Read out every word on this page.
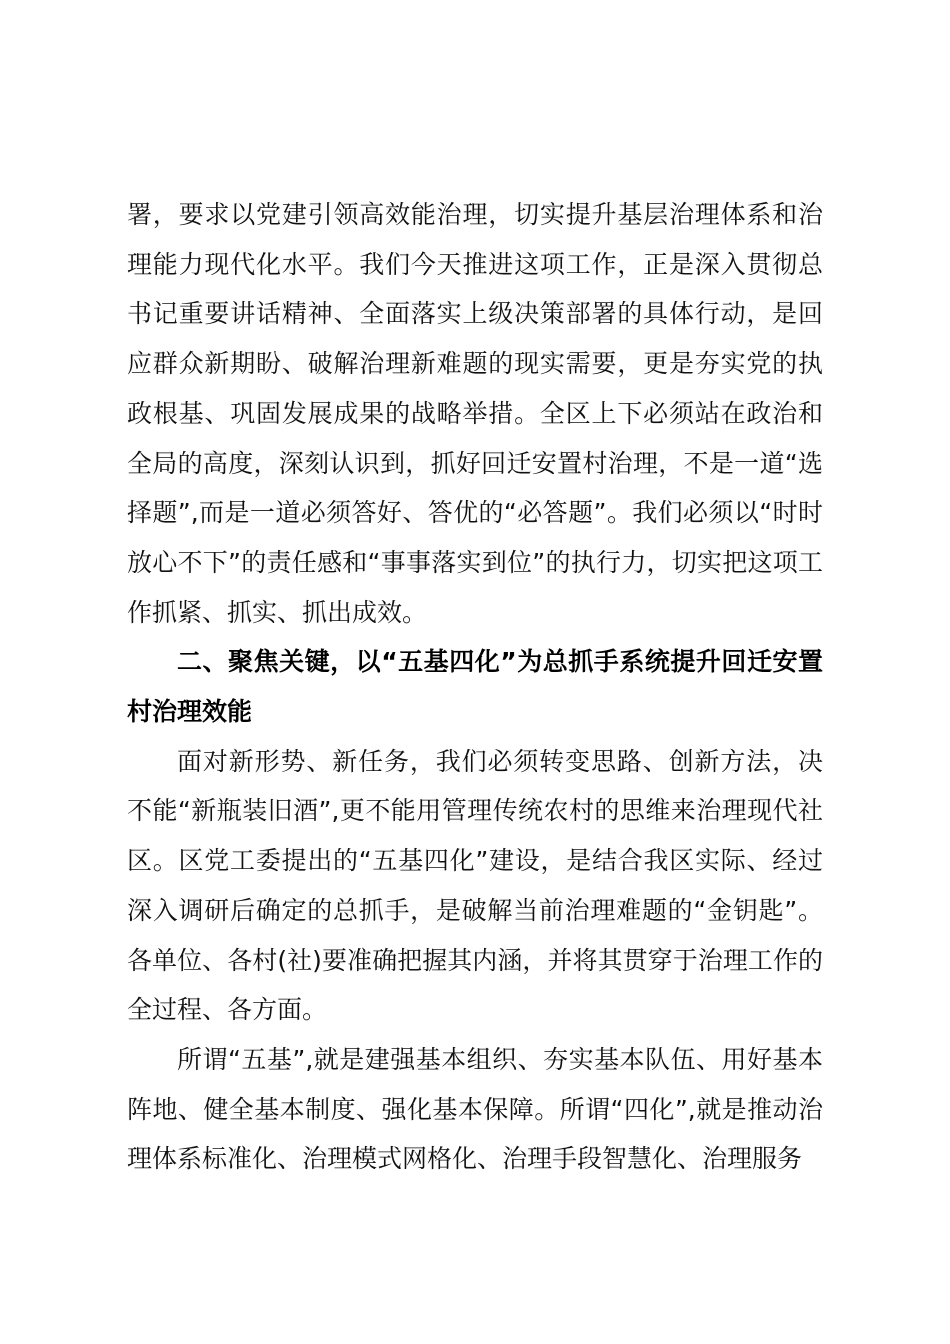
署，要求以党建引领高效能治理，切实提升基层治理体系和治理能力现代化水平。我们今天推进这项工作，正是深入贯彻总书记重要讲话精神、全面落实上级决策部署的具体行动，是回应群众新期盼、破解治理新难题的现实需要，更是夯实党的执政根基、巩固发展成果的战略举措。全区上下必须站在政治和全局的高度，深刻认识到，抓好回迁安置村治理，不是一道“选择题”,而是一道必须答好、答优的“必答题”。我们必须以“时时放心不下”的责任感和“事事落实到位”的执行力，切实把这项工作抓紧、抓实、抓出成效。

二、聚焦关键，以“五基四化”为总抓手系统提升回迁安置村治理效能

面对新形势、新任务，我们必须转变思路、创新方法，决不能“新瓶装旧酒”,更不能用管理传统农村的思维来治理现代社区。区党工委提出的“五基四化”建设，是结合我区实际、经过深入调研后确定的总抓手，是破解当前治理难题的“金钥匙”。各单位、各村(社)要准确把握其内涵，并将其贯穿于治理工作的全过程、各方面。

所谓“五基”,就是建强基本组织、夯实基本队伍、用好基本阵地、健全基本制度、强化基本保障。所谓“四化”,就是推动治理体系标准化、治理模式网格化、治理手段智慧化、治理服务
